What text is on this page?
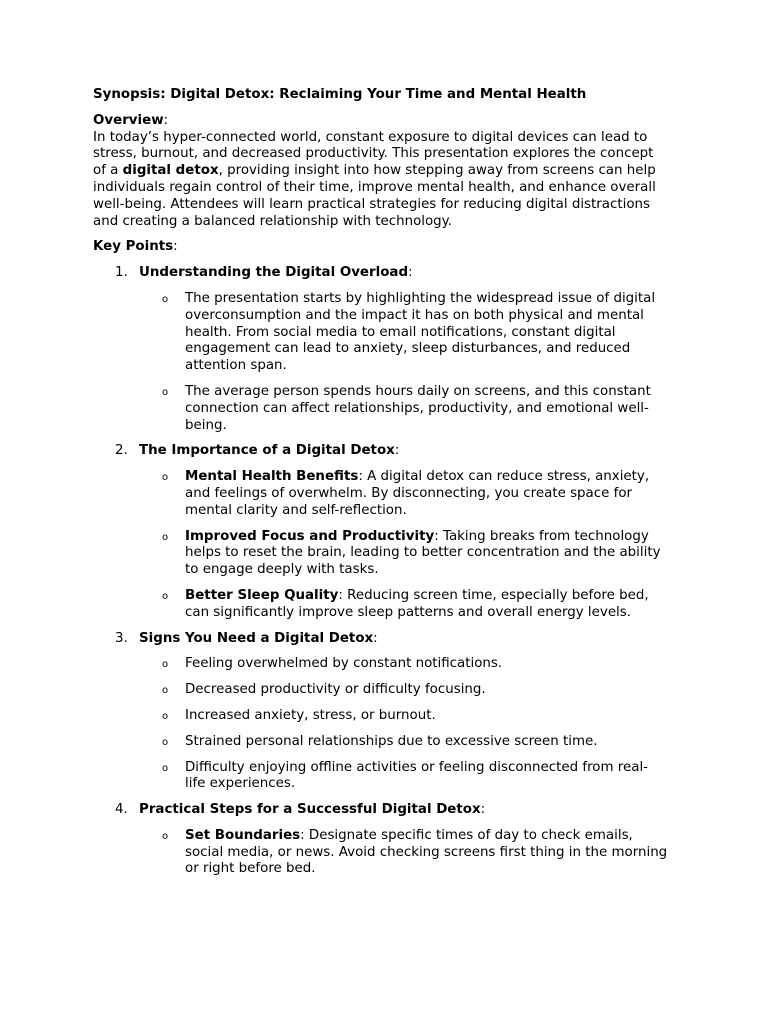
Synopsis: Digital Detox: Reclaiming Your Time and Mental Health
Overview:

In today’s hyper-connected world, constant exposure to digital devices can lead to stress, burnout, and decreased productivity. This presentation explores the concept of a digital detox, providing insight into how stepping away from screens can help individuals regain control of their time, improve mental health, and enhance overall well-being. Attendees will learn practical strategies for reducing digital distractions and creating a balanced relationship with technology.

Key Points:
1. Understanding the Digital Overload:
o The presentation starts by highlighting the widespread issue of digital overconsumption and the impact it has on both physical and mental health. From social media to email notifications, constant digital engagement can lead to anxiety, sleep disturbances, and reduced attention span.
o The average person spends hours daily on screens, and this constant connection can affect relationships, productivity, and emotional well-being.
2. The Importance of a Digital Detox:
o Mental Health Benefits: A digital detox can reduce stress, anxiety, and feelings of overwhelm. By disconnecting, you create space for mental clarity and self-reflection.
o Improved Focus and Productivity: Taking breaks from technology helps to reset the brain, leading to better concentration and the ability to engage deeply with tasks.
o Better Sleep Quality: Reducing screen time, especially before bed, can significantly improve sleep patterns and overall energy levels.
3. Signs You Need a Digital Detox:
o Feeling overwhelmed by constant notifications.
o Decreased productivity or difficulty focusing.
o Increased anxiety, stress, or burnout.
o Strained personal relationships due to excessive screen time.
o Difficulty enjoying offline activities or feeling disconnected from real-life experiences.
4. Practical Steps for a Successful Digital Detox:
o Set Boundaries: Designate specific times of day to check emails, social media, or news. Avoid checking screens first thing in the morning or right before bed.
